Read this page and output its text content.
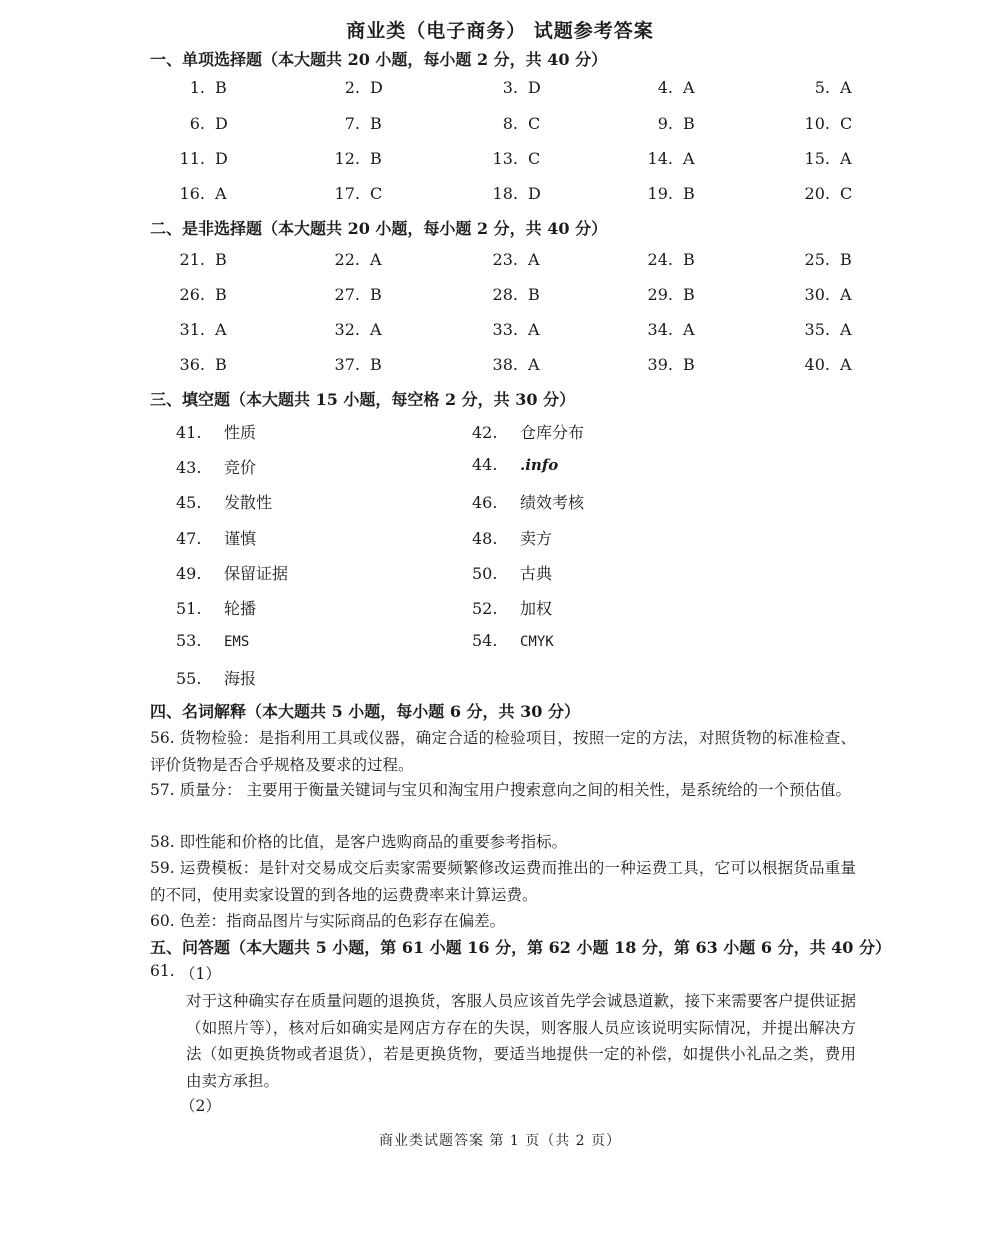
商业类（电子商务） 试题参考答案
一、单项选择题（本大题共 20 小题，每小题 2 分，共 40 分）
1. B	2. D	3. D	4. A	5. A
6. D	7. B	8. C	9. B	10. C
11. D	12. B	13. C	14. A	15. A
16. A	17. C	18. D	19. B	20. C
二、是非选择题（本大题共 20 小题，每小题 2 分，共 40 分）
21. B	22. A	23. A	24. B	25. B
26. B	27. B	28. B	29. B	30. A
31. A	32. A	33. A	34. A	35. A
36. B	37. B	38. A	39. B	40. A
三、填空题（本大题共 15 小题，每空格 2 分，共 30 分）
41. 性质	42. 仓库分布
43. 竞价	44. .info
45. 发散性	46. 绩效考核
47. 谨慎	48. 卖方
49. 保留证据	50. 古典
51. 轮播	52. 加权
53. EMS	54. CMYK
55. 海报
四、名词解释（本大题共 5 小题，每小题 6 分，共 30 分）
56. 货物检验：是指利用工具或仪器，确定合适的检验项目，按照一定的方法，对照货物的标准检查、评价货物是否合乎规格及要求的过程。
57. 质量分： 主要用于衡量关键词与宝贝和淘宝用户搜索意向之间的相关性，是系统给的一个预估值。
58. 即性能和价格的比值，是客户选购商品的重要参考指标。
59. 运费模板：是针对交易成交后卖家需要频繁修改运费而推出的一种运费工具，它可以根据货品重量的不同，使用卖家设置的到各地的运费费率来计算运费。
60. 色差：指商品图片与实际商品的色彩存在偏差。
五、问答题（本大题共 5 小题，第 61 小题 16 分，第 62 小题 18 分，第 63 小题 6 分，共 40 分）
61. （1）
对于这种确实存在质量问题的退换货，客服人员应该首先学会诚恳道歉，接下来需要客户提供证据（如照片等），核对后如确实是网店方存在的失误，则客服人员应该说明实际情况，并提出解决方法（如更换货物或者退货），若是更换货物，要适当地提供一定的补偿，如提供小礼品之类，费用由卖方承担。
（2）
商业类试题答案 第 1 页（共 2 页）
